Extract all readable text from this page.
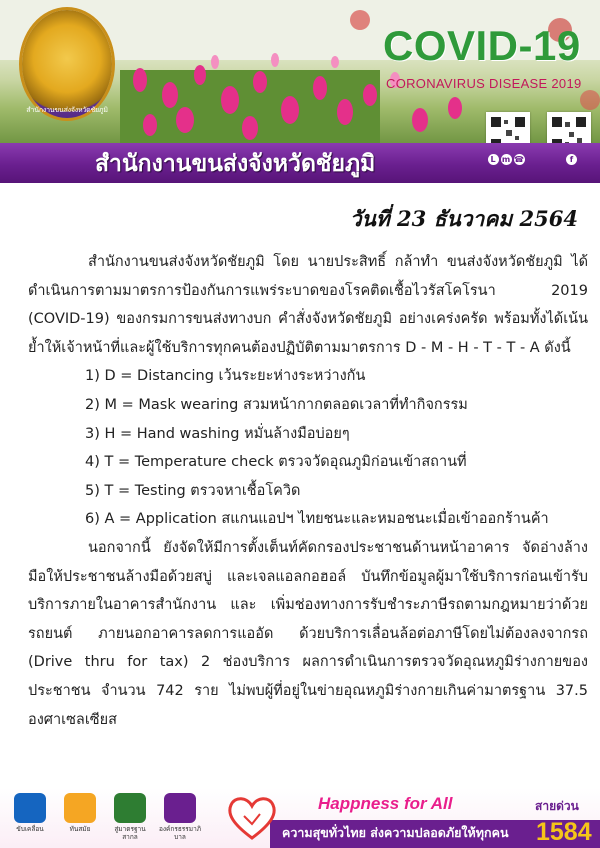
สำนักงานขนส่งจังหวัดชัยภูมิ
COVID-19
CORONAVIRUS DISEASE 2019
สำนักงานขนส่งจังหวัดชัยภูมิ	L m ☎	f
วันที่ 23 ธันวาคม 2564

สำนักงานขนส่งจังหวัดชัยภูมิ โดย นายประสิทธิ์ กล้าทำ ขนส่งจังหวัดชัยภูมิ ได้ดำเนินการตามมาตรการป้องกันการแพร่ระบาดของโรคติดเชื้อไวรัสโคโรนา 2019 (COVID-19) ของกรมการขนส่งทางบก คำสั่งจังหวัดชัยภูมิ อย่างเคร่งครัด พร้อมทั้งได้เน้นย้ำให้เจ้าหน้าที่และผู้ใช้บริการทุกคนต้องปฏิบัติตามมาตรการ D - M - H - T - T - A ดังนี้

1) D = Distancing เว้นระยะห่างระหว่างกัน

2) M = Mask wearing สวมหน้ากากตลอดเวลาที่ทำกิจกรรม

3) H = Hand washing หมั่นล้างมือบ่อยๆ

4) T = Temperature check ตรวจวัดอุณภูมิก่อนเข้าสถานที่

5) T = Testing ตรวจหาเชื้อโควิด

6) A = Application สแกนแอปฯ ไทยชนะและหมอชนะเมื่อเข้าออกร้านค้า

นอกจากนี้ ยังจัดให้มีการตั้งเต็นท์คัดกรองประชาชนด้านหน้าอาคาร จัดอ่างล้างมือให้ประชาชนล้างมือด้วยสบู่ และเจลแอลกอฮอล์ บันทึกข้อมูลผู้มาใช้บริการก่อนเข้ารับบริการภายในอาคารสำนักงาน และ เพิ่มช่องทางการรับชำระภาษีรถตามกฎหมายว่าด้วยรถยนต์ ภายนอกอาคารลดการแออัด ด้วยบริการเลื่อนล้อต่อภาษีโดยไม่ต้องลงจากรถ (Drive thru for tax) 2 ช่องบริการ ผลการดำเนินการตรวจวัดอุณหภูมิร่างกายของประชาชน จำนวน 742 ราย ไม่พบผู้ที่อยู่ในข่ายอุณหภูมิร่างกายเกินค่ามาตรฐาน 37.5 องศาเซลเซียส

ขับเคลื่อน	ทันสมัย	สู่มาตรฐานสากล
องค์กรธรรมาภิบาล
Happness for All
ความสุขทั่วไทย ส่งความปลอดภัยให้ทุกคน
สายด่วน
1584
